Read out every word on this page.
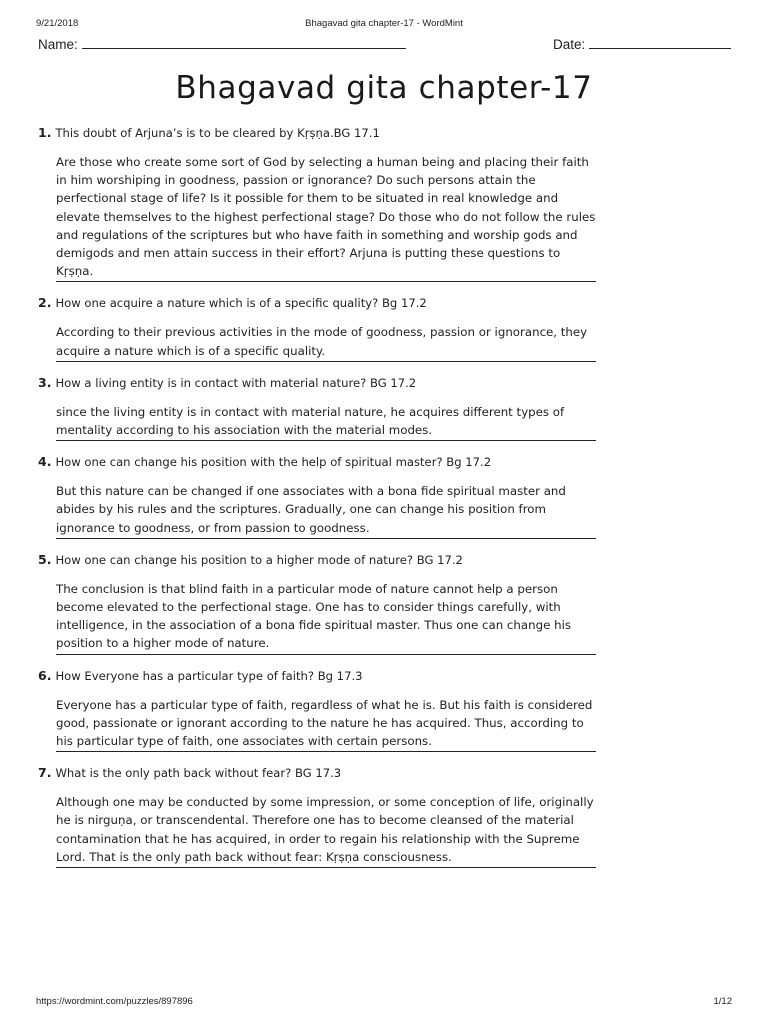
9/21/2018	Bhagavad gita chapter-17 - WordMint
Name:	Date:
Bhagavad gita chapter-17
1. This doubt of Arjuna’s is to be cleared by Kṛṣṇa.BG 17.1
Are those who create some sort of God by selecting a human being and placing their faith in him worshiping in goodness, passion or ignorance? Do such persons attain the perfectional stage of life? Is it possible for them to be situated in real knowledge and elevate themselves to the highest perfectional stage? Do those who do not follow the rules and regulations of the scriptures but who have faith in something and worship gods and demigods and men attain success in their effort? Arjuna is putting these questions to Kṛṣṇa.
2. How one acquire a nature which is of a specific quality? Bg 17.2
According to their previous activities in the mode of goodness, passion or ignorance, they acquire a nature which is of a specific quality.
3. How a living entity is in contact with material nature? BG 17.2
since the living entity is in contact with material nature, he acquires different types of mentality according to his association with the material modes.
4. How one can change his position with the help of spiritual master? Bg 17.2
But this nature can be changed if one associates with a bona fide spiritual master and abides by his rules and the scriptures. Gradually, one can change his position from ignorance to goodness, or from passion to goodness.
5. How one can change his position to a higher mode of nature? BG 17.2
The conclusion is that blind faith in a particular mode of nature cannot help a person become elevated to the perfectional stage. One has to consider things carefully, with intelligence, in the association of a bona fide spiritual master. Thus one can change his position to a higher mode of nature.
6. How Everyone has a particular type of faith? Bg 17.3
Everyone has a particular type of faith, regardless of what he is. But his faith is considered good, passionate or ignorant according to the nature he has acquired. Thus, according to his particular type of faith, one associates with certain persons.
7. What is the only path back without fear? BG 17.3
Although one may be conducted by some impression, or some conception of life, originally he is nirguṇa, or transcendental. Therefore one has to become cleansed of the material contamination that he has acquired, in order to regain his relationship with the Supreme Lord. That is the only path back without fear: Kṛṣṇa consciousness.
https://wordmint.com/puzzles/897896	1/12
